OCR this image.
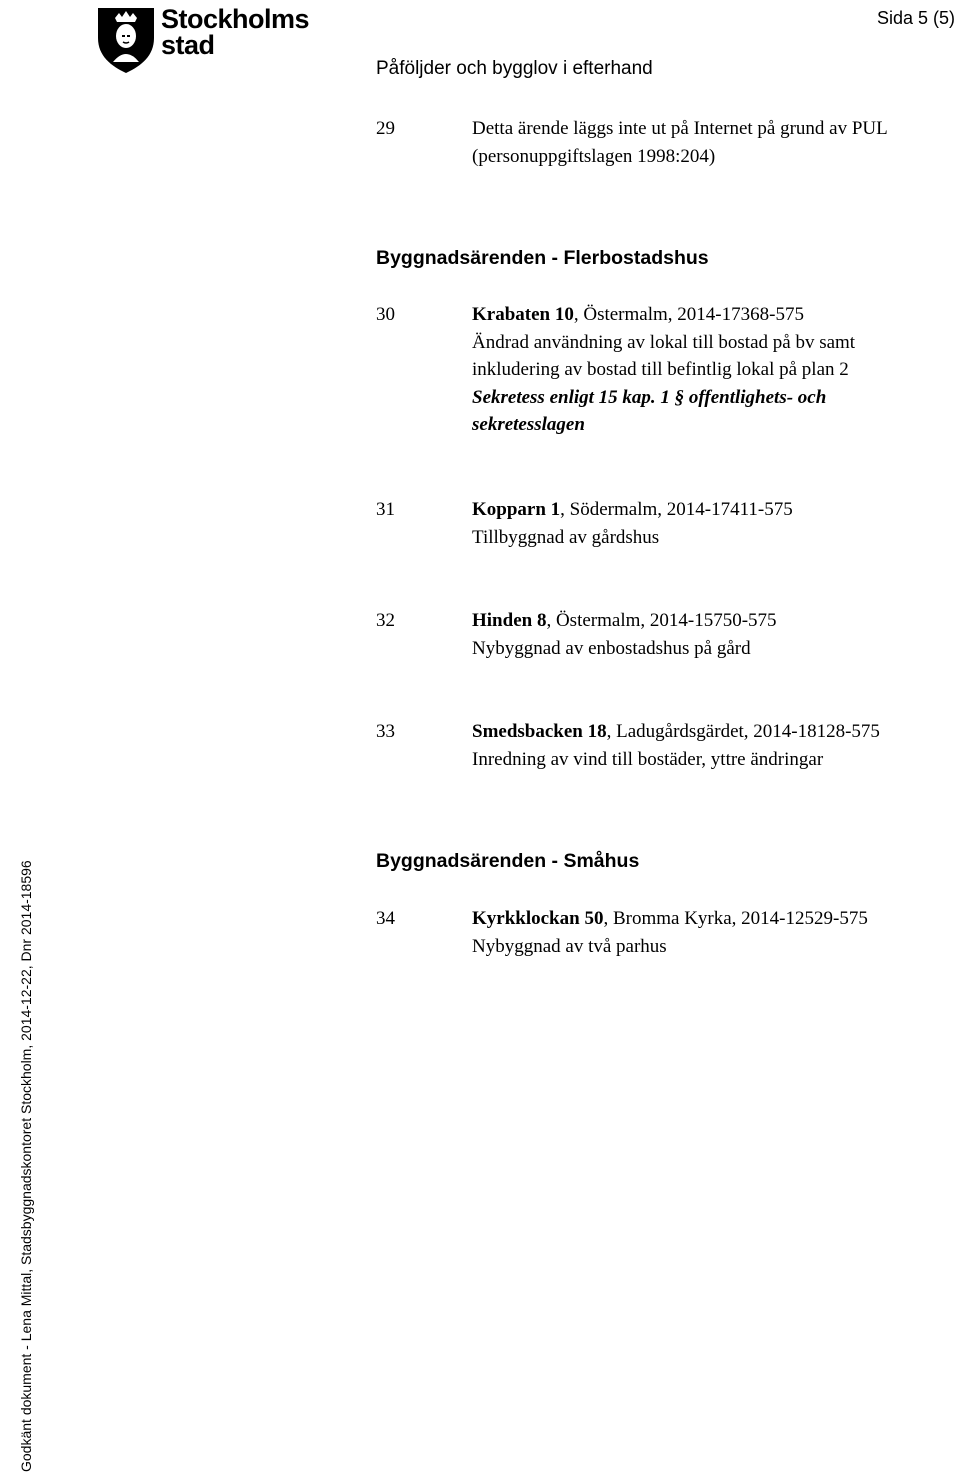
Stockholms
stad
Sida 5 (5)
Påföljder och bygglov i efterhand
29	Detta ärende läggs inte ut på Internet på grund av PUL
(personuppgiftslagen 1998:204)
Byggnadsärenden - Flerbostadshus
30	Krabaten 10, Östermalm, 2014-17368-575
Ändrad användning av lokal till bostad på bv samt
inkludering av bostad till befintlig lokal på plan 2
Sekretess enligt 15 kap. 1 § offentlighets- och
sekretesslagen
31	Kopparn 1, Södermalm, 2014-17411-575
Tillbyggnad av gårdshus
32	Hinden 8, Östermalm, 2014-15750-575
Nybyggnad av enbostadshus på gård
33	Smedsbacken 18, Ladugårdsgärdet, 2014-18128-575
Inredning av vind till bostäder, yttre ändringar
Byggnadsärenden - Småhus
34	Kyrkklockan 50, Bromma Kyrka, 2014-12529-575
Nybyggnad av två parhus
Godkänt dokument - Lena Mittal, Stadsbyggnadskontoret Stockholm, 2014-12-22, Dnr 2014-18596
